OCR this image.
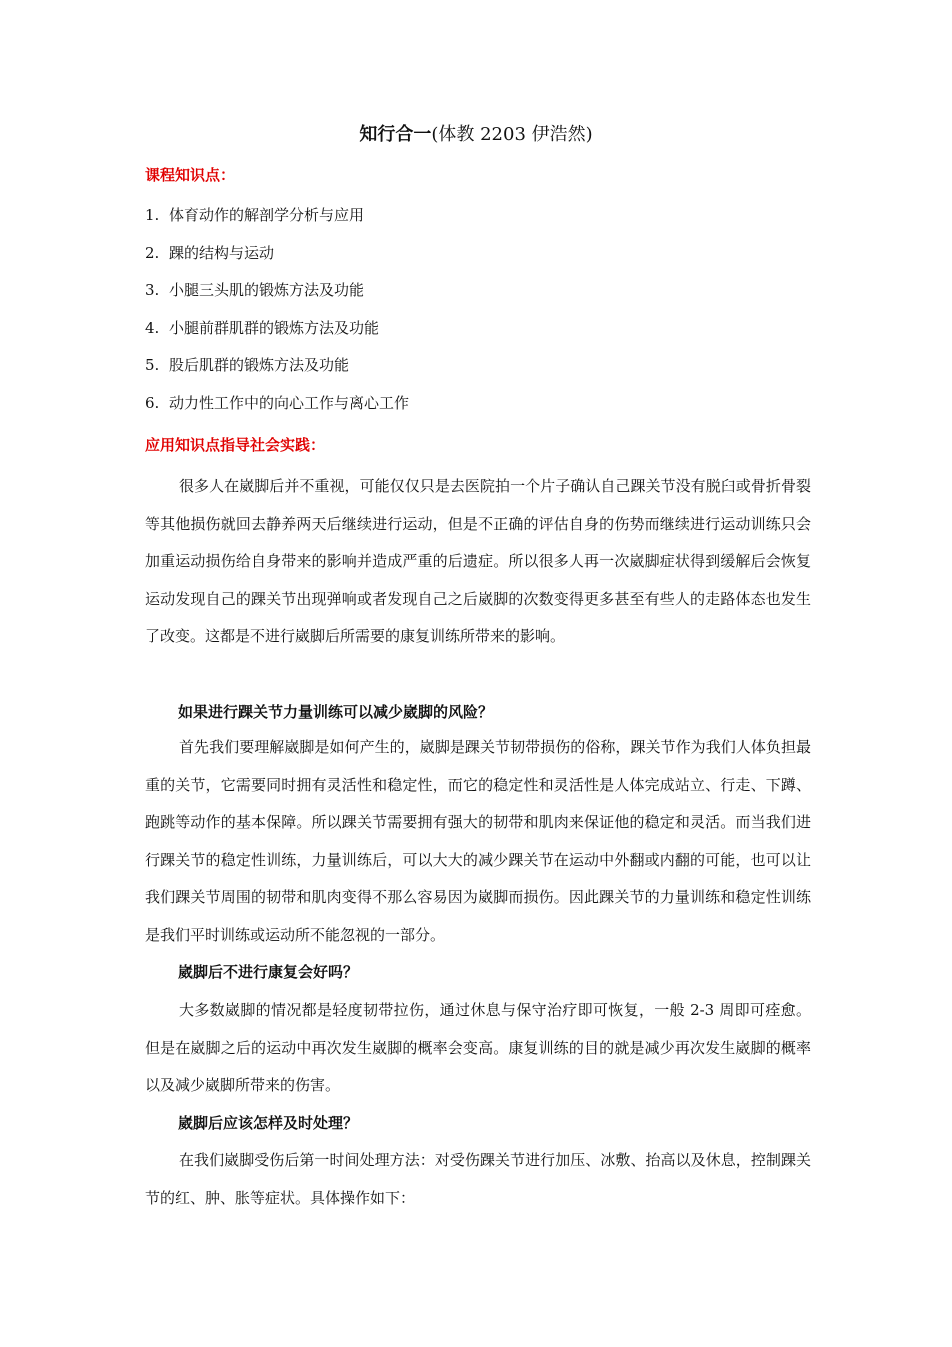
知行合一(体教 2203 伊浩然)
课程知识点：
1. 体育动作的解剖学分析与应用
2. 踝的结构与运动
3. 小腿三头肌的锻炼方法及功能
4. 小腿前群肌群的锻炼方法及功能
5. 股后肌群的锻炼方法及功能
6. 动力性工作中的向心工作与离心工作
应用知识点指导社会实践：

很多人在崴脚后并不重视，可能仅仅只是去医院拍一个片子确认自己踝关节没有脱臼或骨折骨裂等其他损伤就回去静养两天后继续进行运动，但是不正确的评估自身的伤势而继续进行运动训练只会加重运动损伤给自身带来的影响并造成严重的后遗症。所以很多人再一次崴脚症状得到缓解后会恢复运动发现自己的踝关节出现弹响或者发现自己之后崴脚的次数变得更多甚至有些人的走路体态也发生了改变。这都是不进行崴脚后所需要的康复训练所带来的影响。

如果进行踝关节力量训练可以减少崴脚的风险？

首先我们要理解崴脚是如何产生的，崴脚是踝关节韧带损伤的俗称，踝关节作为我们人体负担最重的关节，它需要同时拥有灵活性和稳定性，而它的稳定性和灵活性是人体完成站立、行走、下蹲、跑跳等动作的基本保障。所以踝关节需要拥有强大的韧带和肌肉来保证他的稳定和灵活。而当我们进行踝关节的稳定性训练，力量训练后，可以大大的减少踝关节在运动中外翻或内翻的可能，也可以让我们踝关节周围的韧带和肌肉变得不那么容易因为崴脚而损伤。因此踝关节的力量训练和稳定性训练是我们平时训练或运动所不能忽视的一部分。

崴脚后不进行康复会好吗？

大多数崴脚的情况都是轻度韧带拉伤，通过休息与保守治疗即可恢复，一般 2-3 周即可痊愈。但是在崴脚之后的运动中再次发生崴脚的概率会变高。康复训练的目的就是减少再次发生崴脚的概率以及减少崴脚所带来的伤害。

崴脚后应该怎样及时处理？

在我们崴脚受伤后第一时间处理方法：对受伤踝关节进行加压、冰敷、抬高以及休息，控制踝关节的红、肿、胀等症状。具体操作如下：
